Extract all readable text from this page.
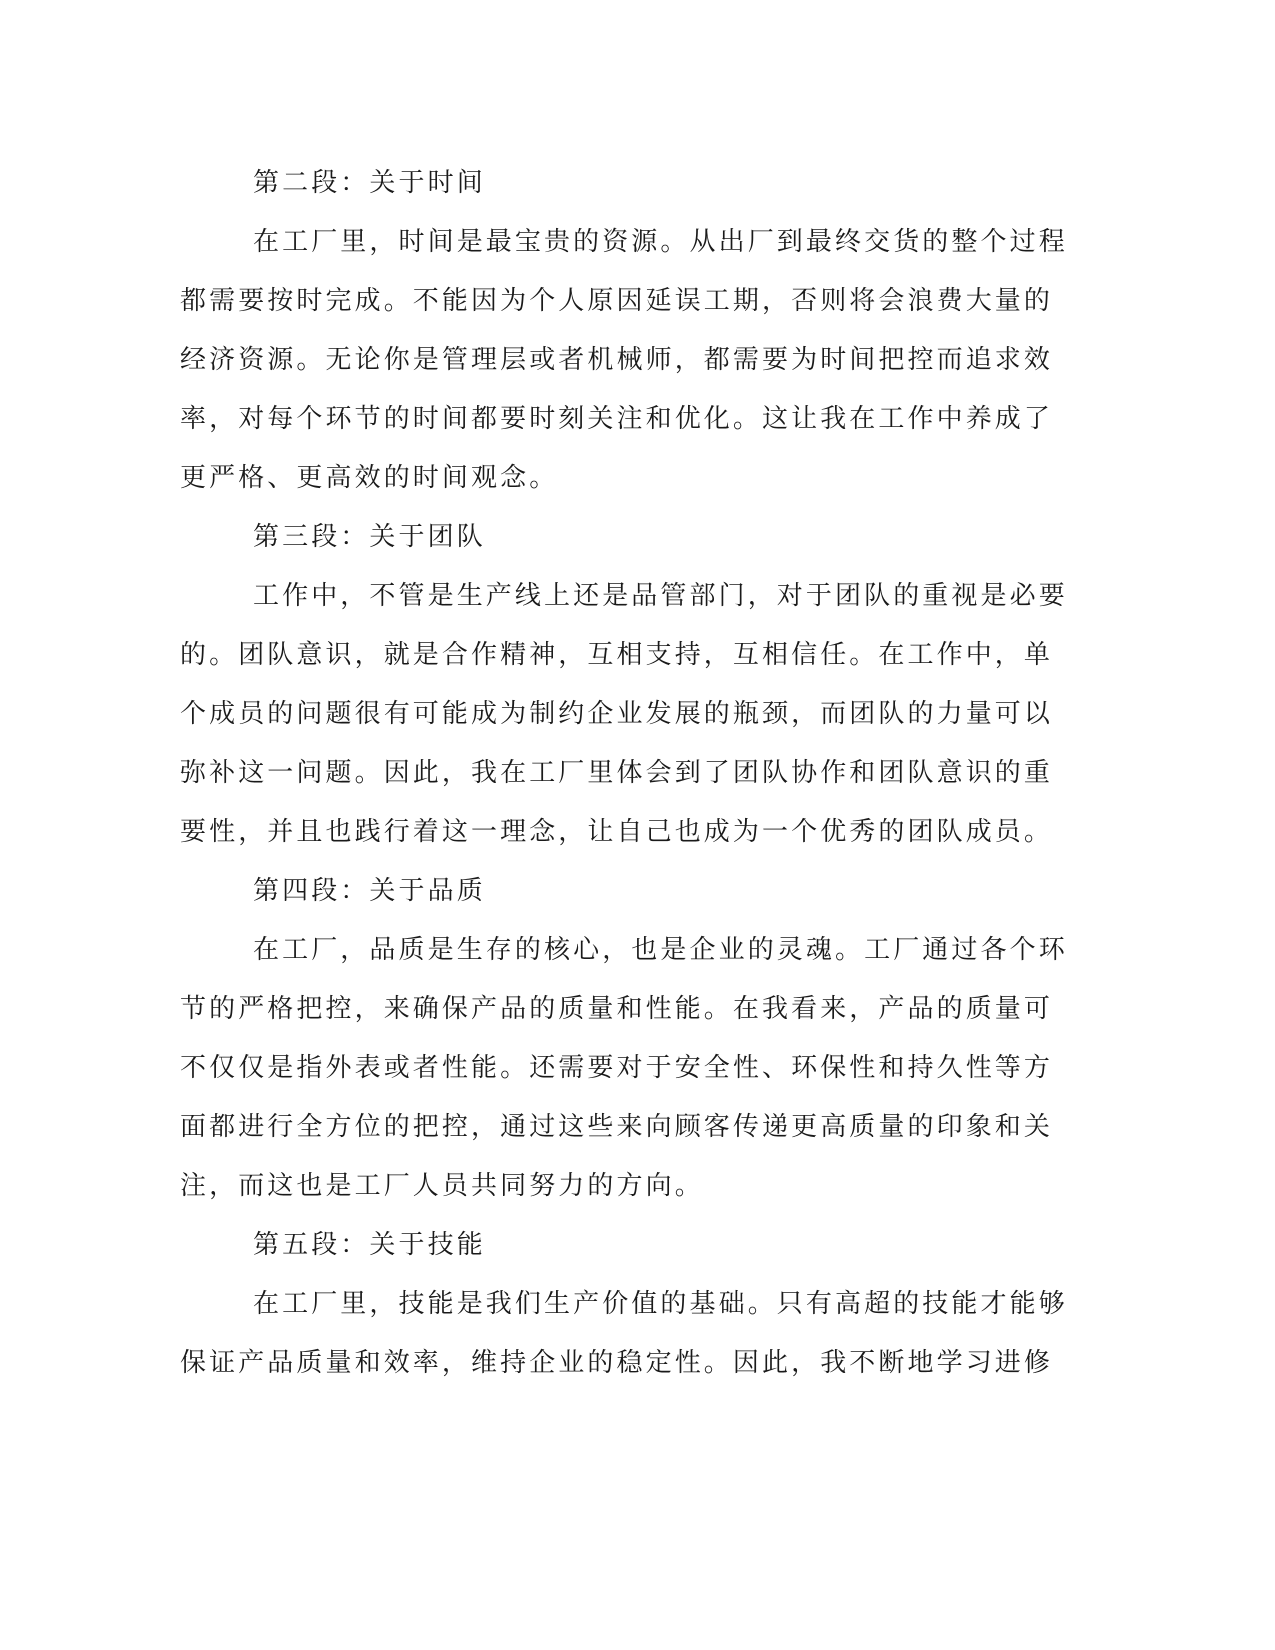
第二段：关于时间
在工厂里，时间是最宝贵的资源。从出厂到最终交货的整个过程
都需要按时完成。不能因为个人原因延误工期，否则将会浪费大量的
经济资源。无论你是管理层或者机械师，都需要为时间把控而追求效
率，对每个环节的时间都要时刻关注和优化。这让我在工作中养成了
更严格、更高效的时间观念。
第三段：关于团队
工作中，不管是生产线上还是品管部门，对于团队的重视是必要
的。团队意识，就是合作精神，互相支持，互相信任。在工作中，单
个成员的问题很有可能成为制约企业发展的瓶颈，而团队的力量可以
弥补这一问题。因此，我在工厂里体会到了团队协作和团队意识的重
要性，并且也践行着这一理念，让自己也成为一个优秀的团队成员。
第四段：关于品质
在工厂，品质是生存的核心，也是企业的灵魂。工厂通过各个环
节的严格把控，来确保产品的质量和性能。在我看来，产品的质量可
不仅仅是指外表或者性能。还需要对于安全性、环保性和持久性等方
面都进行全方位的把控，通过这些来向顾客传递更高质量的印象和关
注，而这也是工厂人员共同努力的方向。
第五段：关于技能
在工厂里，技能是我们生产价值的基础。只有高超的技能才能够
保证产品质量和效率，维持企业的稳定性。因此，我不断地学习进修
